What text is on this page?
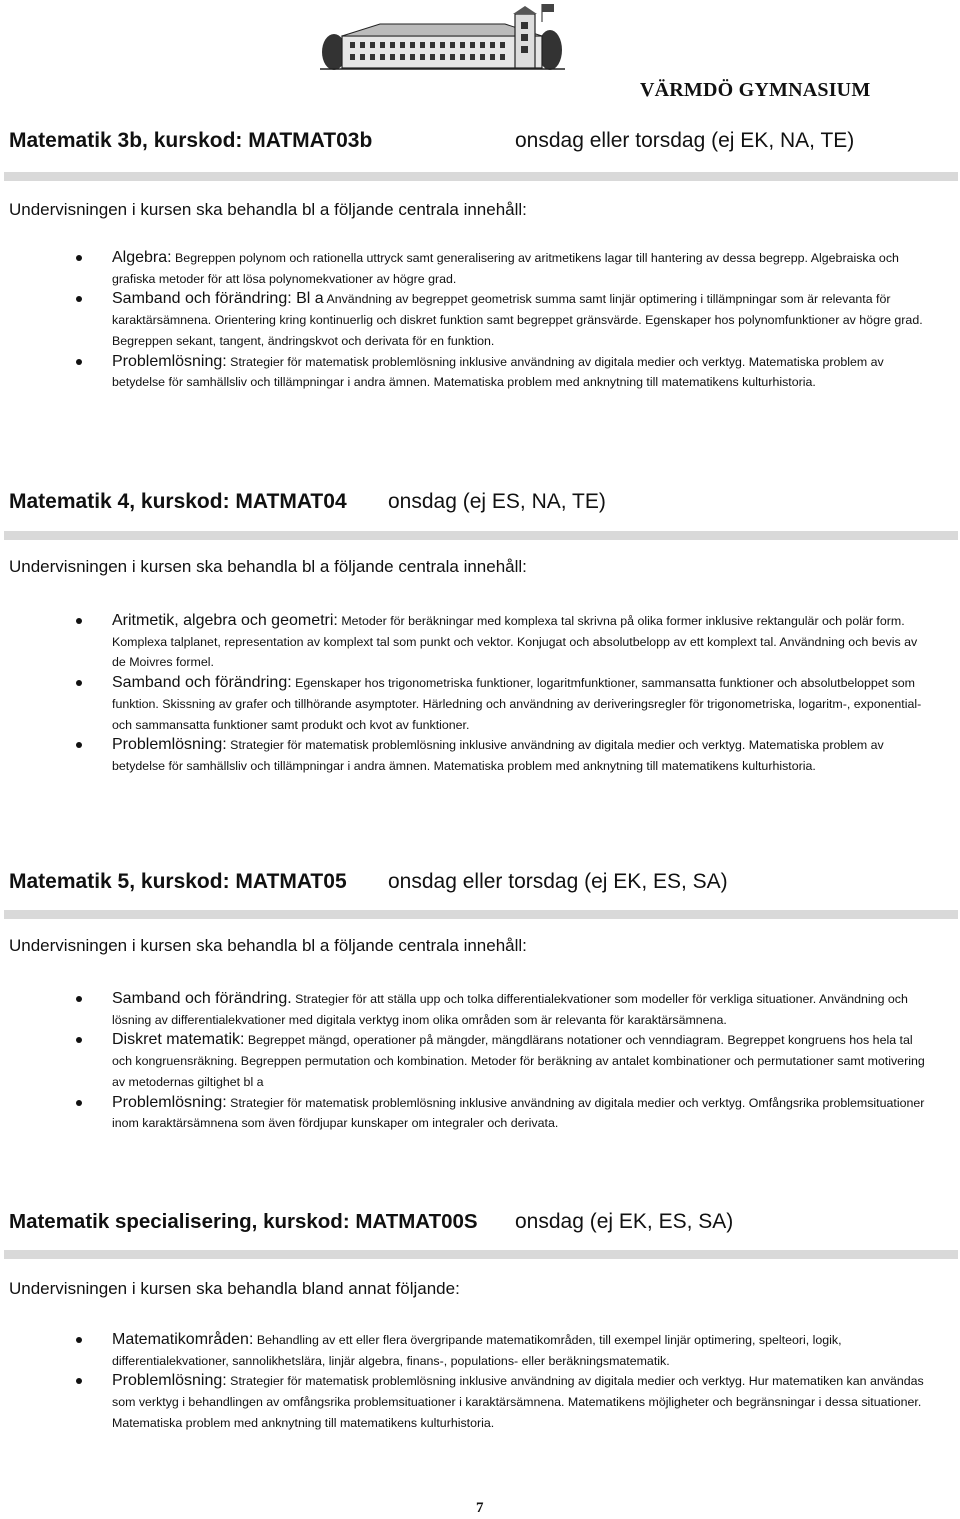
VÄRMDÖ GYMNASIUM
Matematik 3b, kurskod: MATMAT03b	onsdag eller torsdag (ej EK, NA, TE)
Undervisningen i kursen ska behandla bl a följande centrala innehåll:
Algebra: Begreppen polynom och rationella uttryck samt generalisering av aritmetikens lagar till hantering av dessa begrepp. Algebraiska och grafiska metoder för att lösa polynomekvationer av högre grad.
Samband och förändring: Bl a Användning av begreppet geometrisk summa samt linjär optimering i tillämpningar som är relevanta för karaktärsämnena. Orientering kring kontinuerlig och diskret funktion samt begreppet gränsvärde. Egenskaper hos polynomfunktioner av högre grad. Begreppen sekant, tangent, ändringskvot och derivata för en funktion.
Problemlösning: Strategier för matematisk problemlösning inklusive användning av digitala medier och verktyg. Matematiska problem av betydelse för samhällsliv och tillämpningar i andra ämnen. Matematiska problem med anknytning till matematikens kulturhistoria.
Matematik 4, kurskod: MATMAT04 onsdag (ej ES, NA, TE)
Undervisningen i kursen ska behandla bl a följande centrala innehåll:
Aritmetik, algebra och geometri: Metoder för beräkningar med komplexa tal skrivna på olika former inklusive rektangulär och polär form. Komplexa talplanet, representation av komplext tal som punkt och vektor. Konjugat och absolutbelopp av ett komplext tal. Användning och bevis av de Moivres formel.
Samband och förändring: Egenskaper hos trigonometriska funktioner, logaritmfunktioner, sammansatta funktioner och absolutbeloppet som funktion. Skissning av grafer och tillhörande asymptoter. Härledning och användning av deriveringsregler för trigonometriska, logaritm-, exponential- och sammansatta funktioner samt produkt och kvot av funktioner.
Problemlösning: Strategier för matematisk problemlösning inklusive användning av digitala medier och verktyg. Matematiska problem av betydelse för samhällsliv och tillämpningar i andra ämnen. Matematiska problem med anknytning till matematikens kulturhistoria.
Matematik 5, kurskod: MATMAT05 onsdag eller torsdag (ej EK, ES, SA)
Undervisningen i kursen ska behandla bl a följande centrala innehåll:
Samband och förändring. Strategier för att ställa upp och tolka differentialekvationer som modeller för verkliga situationer. Användning och lösning av differentialekvationer med digitala verktyg inom olika områden som är relevanta för karaktärsämnena.
Diskret matematik: Begreppet mängd, operationer på mängder, mängdlärans notationer och venndiagram. Begreppet kongruens hos hela tal och kongruensräkning. Begreppen permutation och kombination. Metoder för beräkning av antalet kombinationer och permutationer samt motivering av metodernas giltighet bl a
Problemlösning: Strategier för matematisk problemlösning inklusive användning av digitala medier och verktyg. Omfångsrika problemsituationer inom karaktärsämnena som även fördjupar kunskaper om integraler och derivata.
Matematik specialisering, kurskod: MATMAT00S onsdag (ej EK, ES, SA)
Undervisningen i kursen ska behandla bland annat följande:
Matematikområden: Behandling av ett eller flera övergripande matematikområden, till exempel linjär optimering, spelteori, logik, differentialekvationer, sannolikhetslära, linjär algebra, finans-, populations- eller beräkningsmatematik.
Problemlösning: Strategier för matematisk problemlösning inklusive användning av digitala medier och verktyg. Hur matematiken kan användas som verktyg i behandlingen av omfångsrika problemsituationer i karaktärsämnena. Matematikens möjligheter och begränsningar i dessa situationer. Matematiska problem med anknytning till matematikens kulturhistoria.
7
